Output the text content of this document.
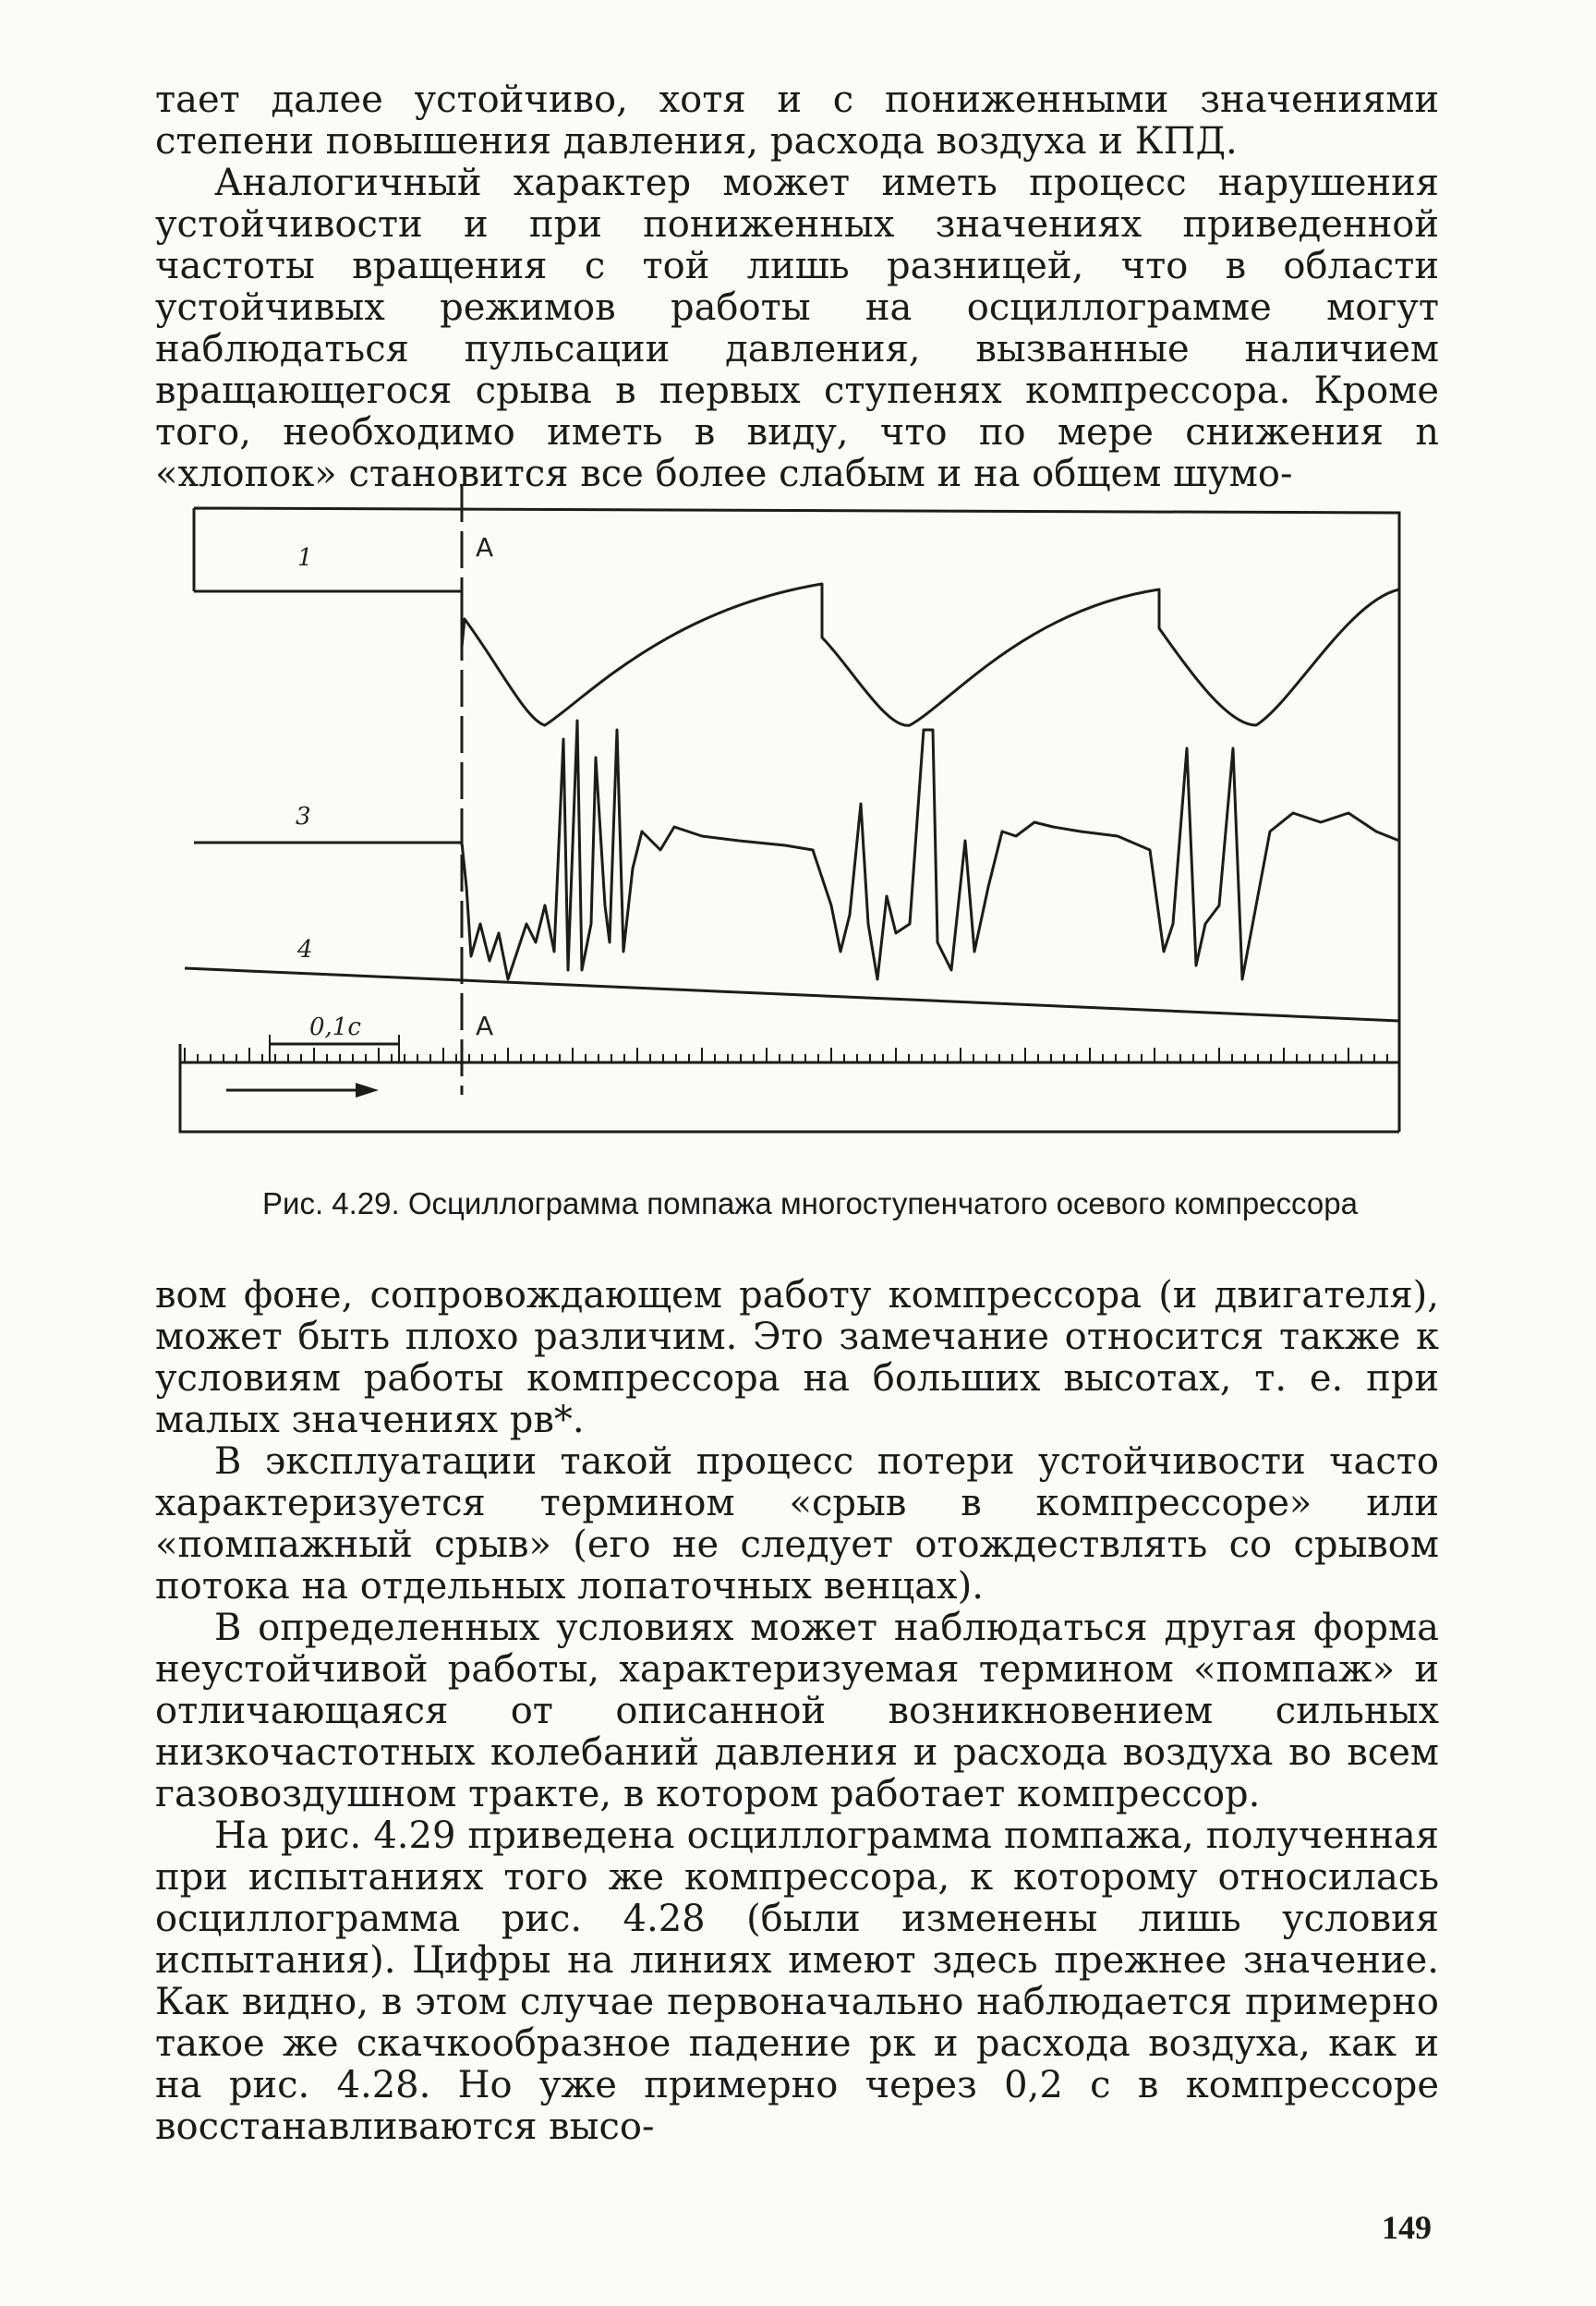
тает далее устойчиво, хотя и с пониженными значениями степени повышения давления, расхода воздуха и КПД.

Аналогичный характер может иметь процесс нарушения устойчивости и при пониженных значениях приведенной частоты вращения с той лишь разницей, что в области устойчивых режимов работы на осциллограмме могут наблюдаться пульсации давления, вызванные наличием вращающегося срыва в первых ступенях компрессора. Кроме того, необходимо иметь в виду, что по мере снижения n «хлопок» становится все более слабым и на общем шумо-

0,1с
1
3
4
A
A

Рис. 4.29. Осциллограмма помпажа многоступенчатого осевого компрессора

вом фоне, сопровождающем работу компрессора (и двигателя), может быть плохо различим. Это замечание относится также к условиям работы компрессора на больших высотах, т. е. при малых значениях pв*.

В эксплуатации такой процесс потери устойчивости часто характеризуется термином «срыв в компрессоре» или «помпажный срыв» (его не следует отождествлять со срывом потока на отдельных лопаточных венцах).

В определенных условиях может наблюдаться другая форма неустойчивой работы, характеризуемая термином «помпаж» и отличающаяся от описанной возникновением сильных низкочастотных колебаний давления и расхода воздуха во всем газовоздушном тракте, в котором работает компрессор.

На рис. 4.29 приведена осциллограмма помпажа, полученная при испытаниях того же компрессора, к которому относилась осциллограмма рис. 4.28 (были изменены лишь условия испытания). Цифры на линиях имеют здесь прежнее значение. Как видно, в этом случае первоначально наблюдается примерно такое же скачкообразное падение pк и расхода воздуха, как и на рис. 4.28. Но уже примерно через 0,2 с в компрессоре восстанавливаются высо-

149
